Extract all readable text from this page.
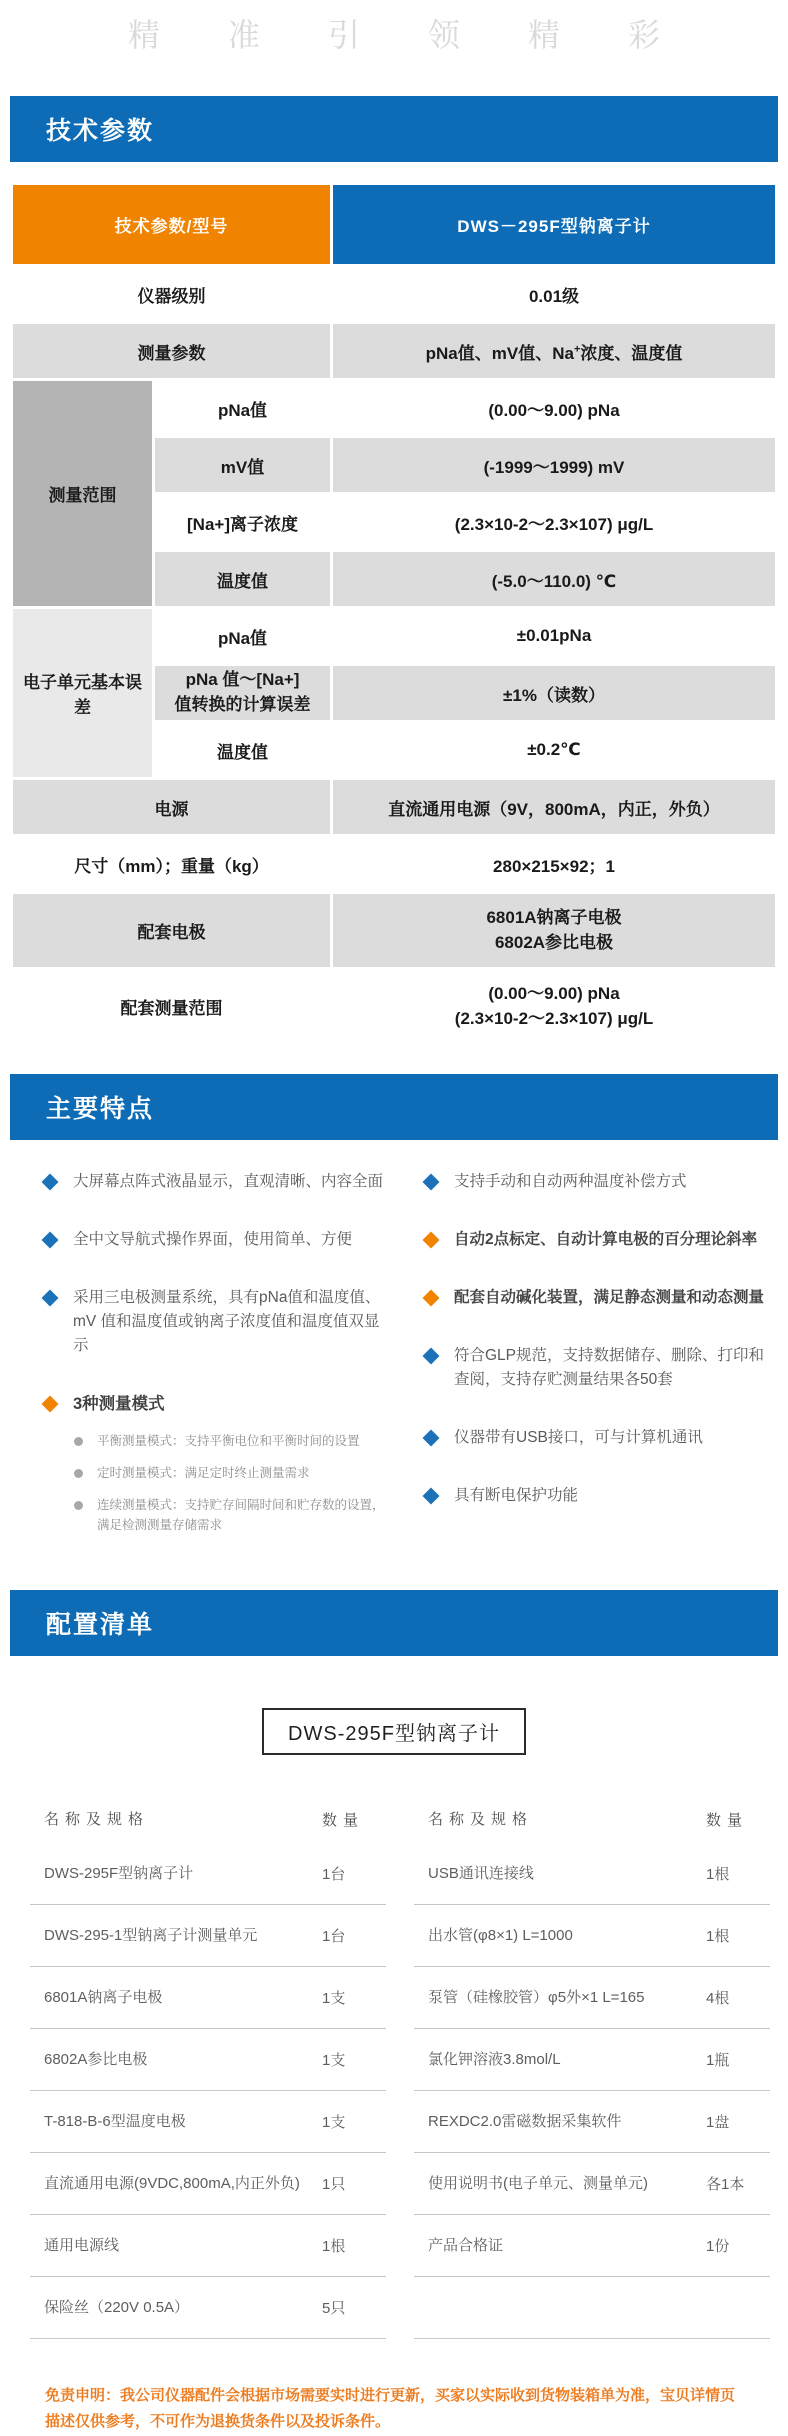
精准引领精彩
技术参数
技术参数/型号		DWS－295F型钠离子计
仪器级别		0.01级
测量参数		pNa值、mV值、Na+浓度、温度值
测量范围	pNa值	(0.00～9.00) pNa
	mV值	(-1999～1999) mV
	[Na+]离子浓度	(2.3×10-2～2.3×107) μg/L
	温度值	(-5.0～110.0) ℃
电子单元基本误差	pNa值	±0.01pNa

	pNa 值～[Na+]
值转换的计算误差	±1%（读数）
	温度值	±0.2℃
电源		直流通用电源（9V，800mA，内正，外负）
尺寸（mm）；重量（kg）		280×215×92；1
配套电极		6801A钠离子电极
6802A参比电极

配套测量范围		(0.00～9.00) pNa
(2.3×10-2～2.3×107) μg/L
主要特点

大屏幕点阵式液晶显示，直观清晰、内容全面

全中文导航式操作界面，使用简单、方便

采用三电极测量系统，具有pNa值和温度值、mV 值和温度值或钠离子浓度值和温度值双显示

3种测量模式

平衡测量模式：支持平衡电位和平衡时间的设置

定时测量模式：满足定时终止测量需求

连续测量模式：支持贮存间隔时间和贮存数的设置，满足检测测量存储需求

支持手动和自动两种温度补偿方式

自动2点标定、自动计算电极的百分理论斜率

配套自动碱化装置，满足静态测量和动态测量

符合GLP规范，支持数据储存、删除、打印和查阅，支持存贮测量结果各50套

仪器带有USB接口，可与计算机通讯

具有断电保护功能

配置清单
DWS-295F型钠离子计
名称及规格	数量
DWS-295F型钠离子计	1台
DWS-295-1型钠离子计测量单元	1台
6801A钠离子电极	1支
6802A参比电极	1支
T-818-B-6型温度电极	1支
直流通用电源(9VDC,800mA,内正外负)	1只
通用电源线	1根
保险丝（220V 0.5A）	5只
名称及规格	数量
USB通讯连接线	1根
出水管(φ8×1) L=1000	1根
泵管（硅橡胶管）φ5外×1 L=165	4根
氯化钾溶液3.8mol/L	1瓶
REXDC2.0雷磁数据采集软件	1盘
使用说明书(电子单元、测量单元)	各1本
产品合格证	1份

免责申明：我公司仪器配件会根据市场需要实时进行更新，买家以实际收到货物装箱单为准，宝贝详情页描述仅供参考，不可作为退换货条件以及投诉条件。
